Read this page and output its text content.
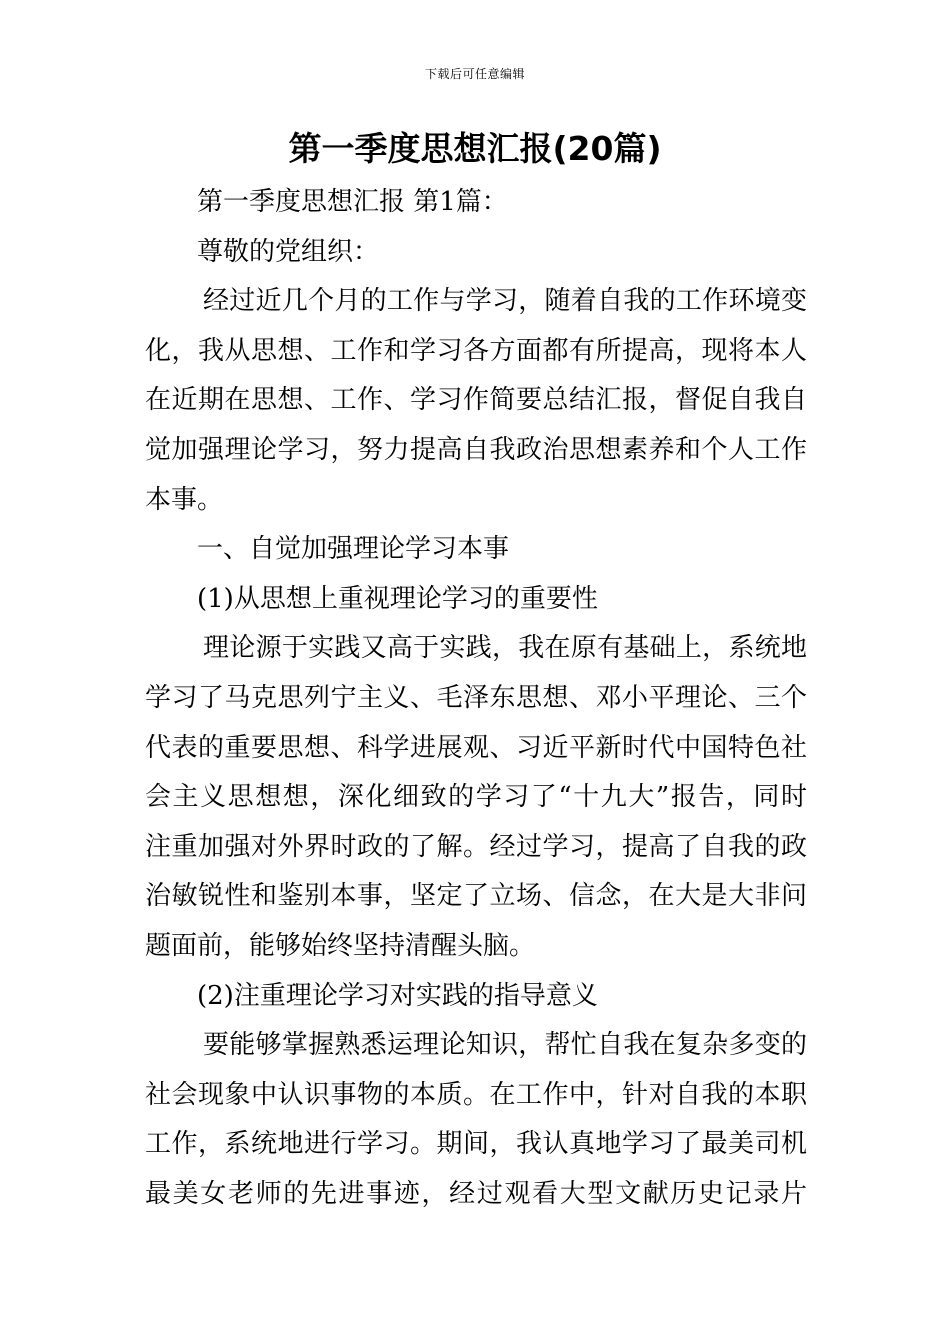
下载后可任意编辑
第一季度思想汇报(20篇)
第一季度思想汇报 第1篇：
尊敬的党组织：
经过近几个月的工作与学习，随着自我的工作环境变
化，我从思想、工作和学习各方面都有所提高，现将本人
在近期在思想、工作、学习作简要总结汇报，督促自我自
觉加强理论学习，努力提高自我政治思想素养和个人工作
本事。
一、自觉加强理论学习本事
(1)从思想上重视理论学习的重要性
理论源于实践又高于实践，我在原有基础上，系统地
学习了马克思列宁主义、毛泽东思想、邓小平理论、三个
代表的重要思想、科学进展观、习近平新时代中国特色社
会主义思想想，深化细致的学习了“十九大”报告，同时
注重加强对外界时政的了解。经过学习，提高了自我的政
治敏锐性和鉴别本事，坚定了立场、信念，在大是大非问
题面前，能够始终坚持清醒头脑。
(2)注重理论学习对实践的指导意义
要能够掌握熟悉运理论知识，帮忙自我在复杂多变的
社会现象中认识事物的本质。在工作中，针对自我的本职
工作，系统地进行学习。期间，我认真地学习了最美司机
最美女老师的先进事迹，经过观看大型文献历史记录片
